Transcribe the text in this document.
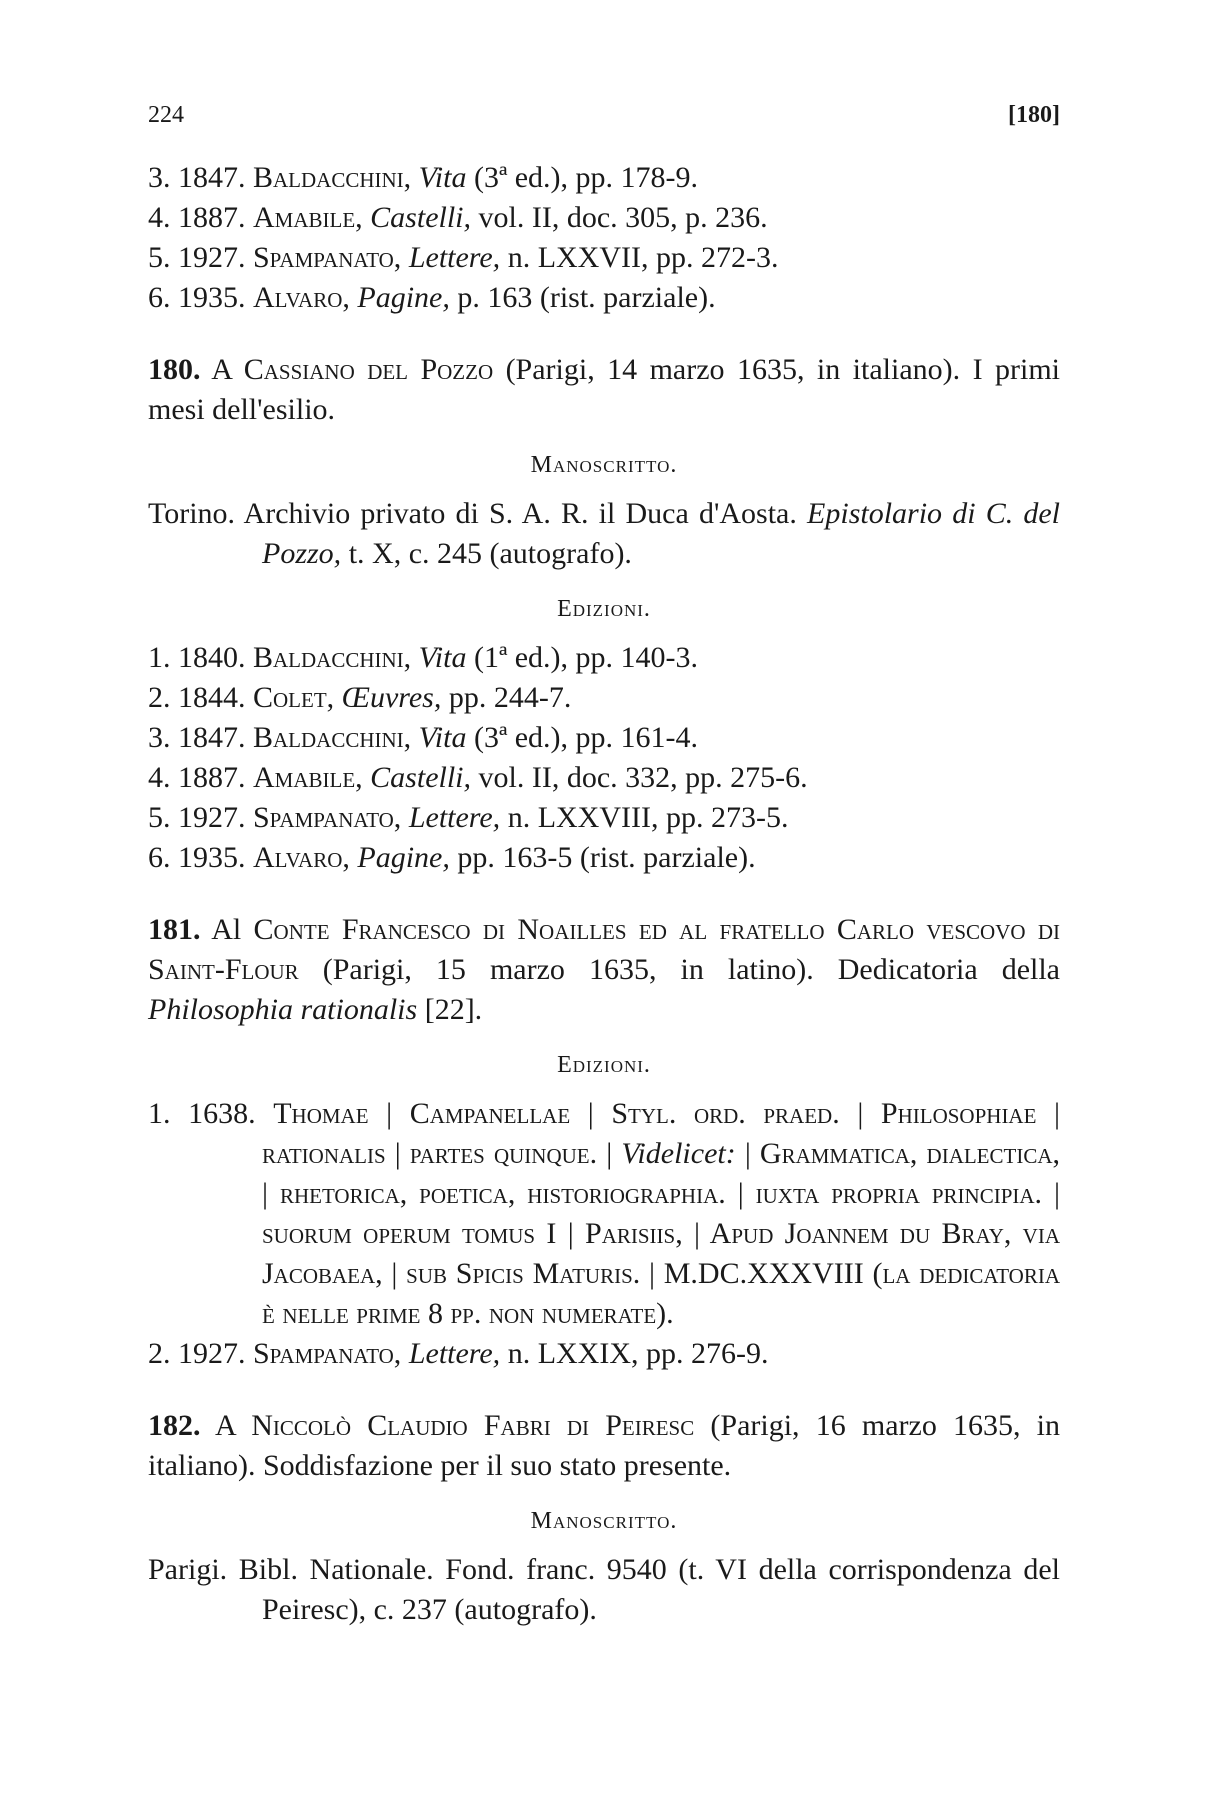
224	[180]

3. 1847. Baldacchini, Vita (3ª ed.), pp. 178-9.

4. 1887. Amabile, Castelli, vol. II, doc. 305, p. 236.

5. 1927. Spampanato, Lettere, n. LXXVII, pp. 272-3.

6. 1935. Alvaro, Pagine, p. 163 (rist. parziale).

180. A Cassiano del Pozzo (Parigi, 14 marzo 1635, in italiano). I primi mesi dell'esilio.

Manoscritto.

Torino. Archivio privato di S. A. R. il Duca d'Aosta. Epistolario di C. del Pozzo, t. X, c. 245 (autografo).

Edizioni.

1. 1840. Baldacchini, Vita (1ª ed.), pp. 140-3.

2. 1844. Colet, Œuvres, pp. 244-7.

3. 1847. Baldacchini, Vita (3ª ed.), pp. 161-4.

4. 1887. Amabile, Castelli, vol. II, doc. 332, pp. 275-6.

5. 1927. Spampanato, Lettere, n. LXXVIII, pp. 273-5.

6. 1935. Alvaro, Pagine, pp. 163-5 (rist. parziale).

181. Al Conte Francesco di Noailles ed al fratello Carlo vescovo di Saint-Flour (Parigi, 15 marzo 1635, in latino). Dedicatoria della Philosophia rationalis [22].

Edizioni.

1. 1638. Thomae | Campanellae | Styl. ord. praed. | Philosophiae | rationalis | partes quinque. | Videlicet: | Grammatica, dialectica, | rhetorica, poetica, historiographia. | iuxta propria principia. | suorum operum tomus I | Parisiis, | Apud Joannem du Bray, via Jacobaea, | sub Spicis Maturis. | M.DC.XXXVIII (la dedicatoria è nelle prime 8 pp. non numerate).

2. 1927. Spampanato, Lettere, n. LXXIX, pp. 276-9.

182. A Niccolò Claudio Fabri di Peiresc (Parigi, 16 marzo 1635, in italiano). Soddisfazione per il suo stato presente.

Manoscritto.

Parigi. Bibl. Nationale. Fond. franc. 9540 (t. VI della corrispondenza del Peiresc), c. 237 (autografo).
